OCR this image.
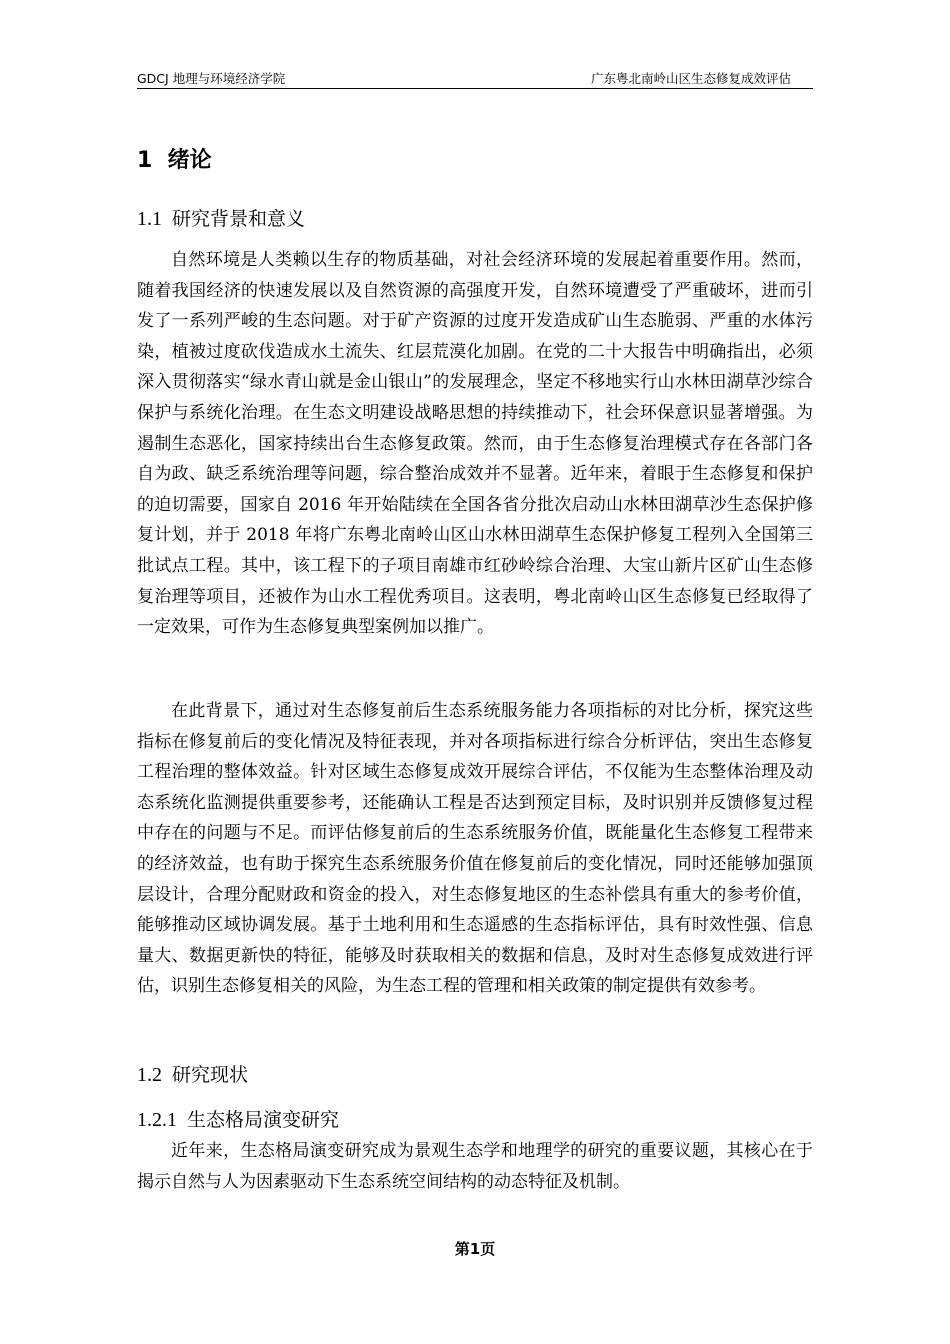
GDCJ 地理与环境经济学院	广东粤北南岭山区生态修复成效评估
1 绪论
1.1 研究背景和意义

自然环境是人类赖以生存的物质基础，对社会经济环境的发展起着重要作用。然而，随着我国经济的快速发展以及自然资源的高强度开发，自然环境遭受了严重破坏，进而引发了一系列严峻的生态问题。对于矿产资源的过度开发造成矿山生态脆弱、严重的水体污染，植被过度砍伐造成水土流失、红层荒漠化加剧。在党的二十大报告中明确指出，必须深入贯彻落实“绿水青山就是金山银山”的发展理念，坚定不移地实行山水林田湖草沙综合保护与系统化治理。在生态文明建设战略思想的持续推动下，社会环保意识显著增强。为遏制生态恶化，国家持续出台生态修复政策。然而，由于生态修复治理模式存在各部门各自为政、缺乏系统治理等问题，综合整治成效并不显著。近年来，着眼于生态修复和保护的迫切需要，国家自 2016 年开始陆续在全国各省分批次启动山水林田湖草沙生态保护修复计划，并于 2018 年将广东粤北南岭山区山水林田湖草生态保护修复工程列入全国第三批试点工程。其中，该工程下的子项目南雄市红砂岭综合治理、大宝山新片区矿山生态修复治理等项目，还被作为山水工程优秀项目。这表明，粤北南岭山区生态修复已经取得了一定效果，可作为生态修复典型案例加以推广。

在此背景下，通过对生态修复前后生态系统服务能力各项指标的对比分析，探究这些指标在修复前后的变化情况及特征表现，并对各项指标进行综合分析评估，突出生态修复工程治理的整体效益。针对区域生态修复成效开展综合评估，不仅能为生态整体治理及动态系统化监测提供重要参考，还能确认工程是否达到预定目标，及时识别并反馈修复过程中存在的问题与不足。而评估修复前后的生态系统服务价值，既能量化生态修复工程带来的经济效益，也有助于探究生态系统服务价值在修复前后的变化情况，同时还能够加强顶层设计，合理分配财政和资金的投入，对生态修复地区的生态补偿具有重大的参考价值，能够推动区域协调发展。基于土地利用和生态遥感的生态指标评估，具有时效性强、信息量大、数据更新快的特征，能够及时获取相关的数据和信息，及时对生态修复成效进行评估，识别生态修复相关的风险，为生态工程的管理和相关政策的制定提供有效参考。

1.2 研究现状
1.2.1 生态格局演变研究

近年来，生态格局演变研究成为景观生态学和地理学的研究的重要议题，其核心在于揭示自然与人为因素驱动下生态系统空间结构的动态特征及机制。

第1页
